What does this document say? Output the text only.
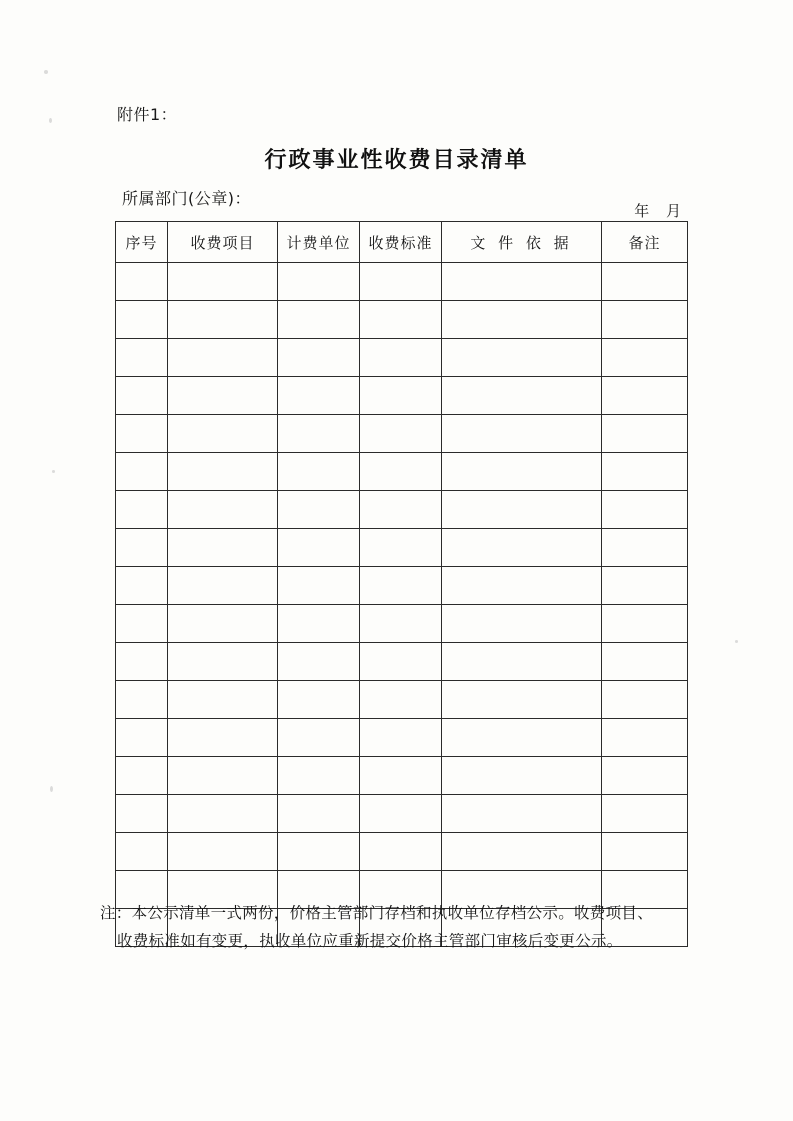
附件1：
行政事业性收费目录清单
所属部门(公章)：
年 月
序号	收费项目	计费单位	收费标准	文 件 依 据	备注

注：本公示清单一式两份，价格主管部门存档和执收单位存档公示。收费项目、
收费标准如有变更，执收单位应重新提交价格主管部门审核后变更公示。
